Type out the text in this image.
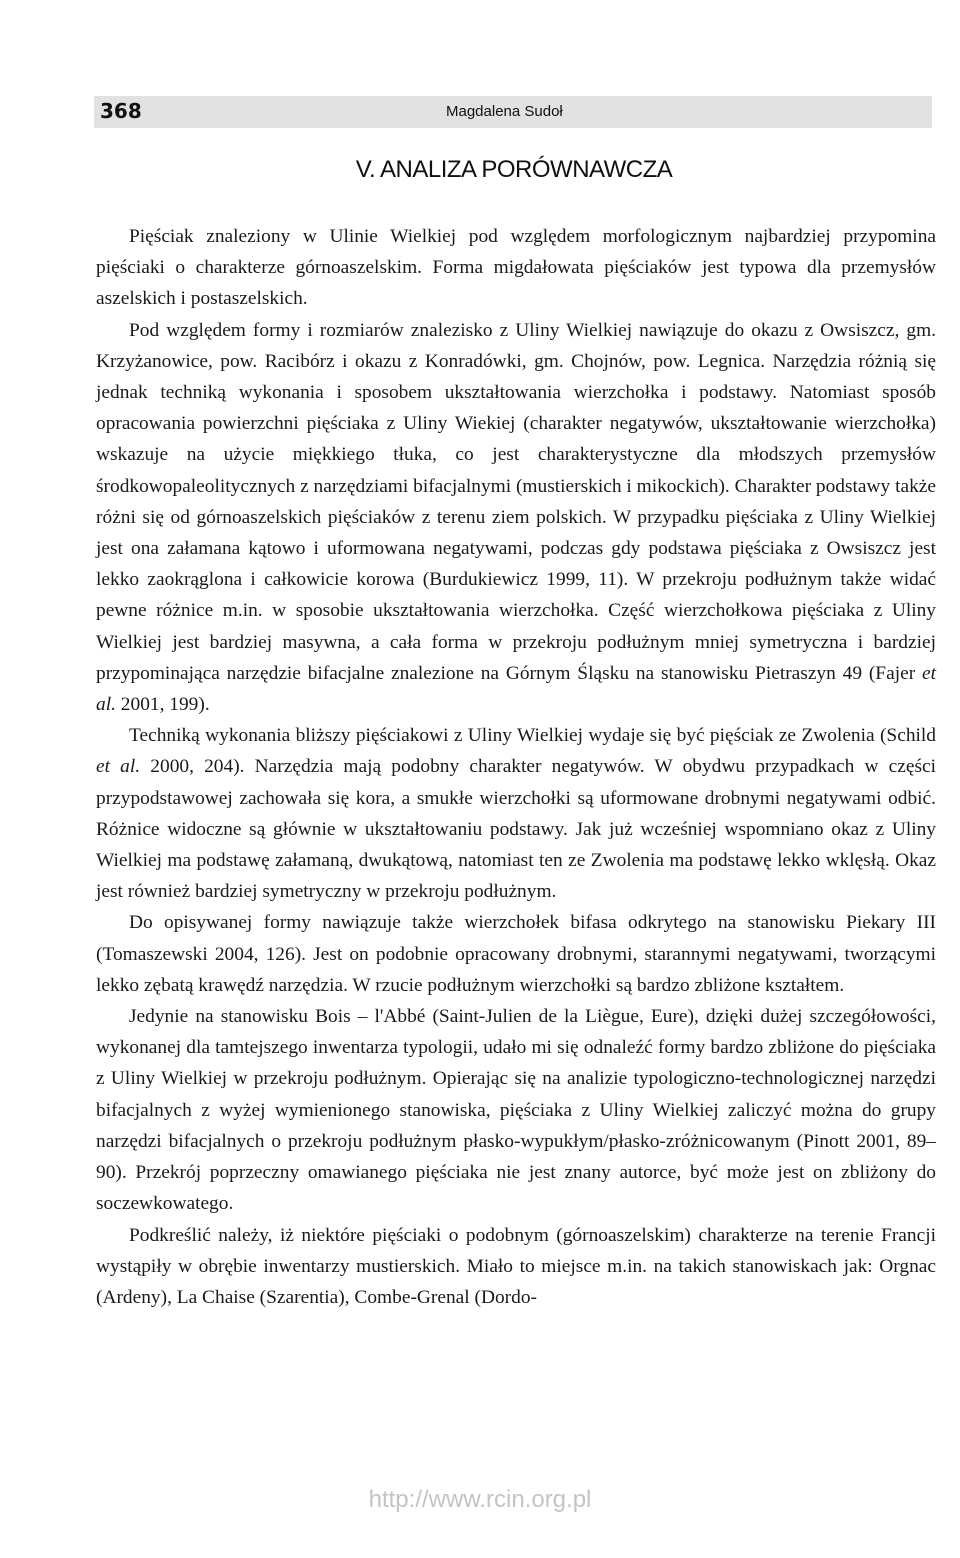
368	Magdalena Sudoł
V. ANALIZA PORÓWNAWCZA

Pięściak znaleziony w Ulinie Wielkiej pod względem morfologicznym najbardziej przypomina pięściaki o charakterze górnoaszelskim. Forma migdałowata pięściaków jest typowa dla przemysłów aszelskich i postaszelskich.

Pod względem formy i rozmiarów znalezisko z Uliny Wielkiej nawiązuje do okazu z Owsiszcz, gm. Krzyżanowice, pow. Racibórz i okazu z Konradówki, gm. Chojnów, pow. Legnica. Narzędzia różnią się jednak techniką wykonania i sposobem ukształtowania wierzchołka i podstawy. Natomiast sposób opracowania powierzchni pięściaka z Uliny Wiekiej (charakter negatywów, ukształtowanie wierzchołka) wskazuje na użycie miękkiego tłuka, co jest charakterystyczne dla młodszych przemysłów środkowopaleolitycznych z narzędziami bifacjalnymi (mustierskich i mikockich). Charakter podstawy także różni się od górnoaszelskich pięściaków z terenu ziem polskich. W przypadku pięściaka z Uliny Wielkiej jest ona załamana kątowo i uformowana negatywami, podczas gdy podstawa pięściaka z Owsiszcz jest lekko zaokrąglona i całkowicie korowa (Burdukiewicz 1999, 11). W przekroju podłużnym także widać pewne różnice m.in. w sposobie ukształtowania wierzchołka. Część wierzchołkowa pięściaka z Uliny Wielkiej jest bardziej masywna, a cała forma w przekroju podłużnym mniej symetryczna i bardziej przypominająca narzędzie bifacjalne znalezione na Górnym Śląsku na stanowisku Pietraszyn 49 (Fajer et al. 2001, 199).

Techniką wykonania bliższy pięściakowi z Uliny Wielkiej wydaje się być pięściak ze Zwolenia (Schild et al. 2000, 204). Narzędzia mają podobny charakter negatywów. W obydwu przypadkach w części przypodstawowej zachowała się kora, a smukłe wierzchołki są uformowane drobnymi negatywami odbić. Różnice widoczne są głównie w ukształtowaniu podstawy. Jak już wcześniej wspomniano okaz z Uliny Wielkiej ma podstawę załamaną, dwukątową, natomiast ten ze Zwolenia ma podstawę lekko wklęsłą. Okaz jest również bardziej symetryczny w przekroju podłużnym.

Do opisywanej formy nawiązuje także wierzchołek bifasa odkrytego na stanowisku Piekary III (Tomaszewski 2004, 126). Jest on podobnie opracowany drobnymi, starannymi negatywami, tworzącymi lekko zębatą krawędź narzędzia. W rzucie podłużnym wierzchołki są bardzo zbliżone kształtem.

Jedynie na stanowisku Bois – l'Abbé (Saint-Julien de la Liègue, Eure), dzięki dużej szczegółowości, wykonanej dla tamtejszego inwentarza typologii, udało mi się odnaleźć formy bardzo zbliżone do pięściaka z Uliny Wielkiej w przekroju podłużnym. Opierając się na analizie typologiczno-technologicznej narzędzi bifacjalnych z wyżej wymienionego stanowiska, pięściaka z Uliny Wielkiej zaliczyć można do grupy narzędzi bifacjalnych o przekroju podłużnym płasko-wypukłym/płasko-zróżnicowanym (Pinott 2001, 89–90). Przekrój poprzeczny omawianego pięściaka nie jest znany autorce, być może jest on zbliżony do soczewkowatego.

Podkreślić należy, iż niektóre pięściaki o podobnym (górnoaszelskim) charakterze na terenie Francji wystąpiły w obrębie inwentarzy mustierskich. Miało to miejsce m.in. na takich stanowiskach jak: Orgnac (Ardeny), La Chaise (Szarentia), Combe-Grenal (Dordo-

http://www.rcin.org.pl
